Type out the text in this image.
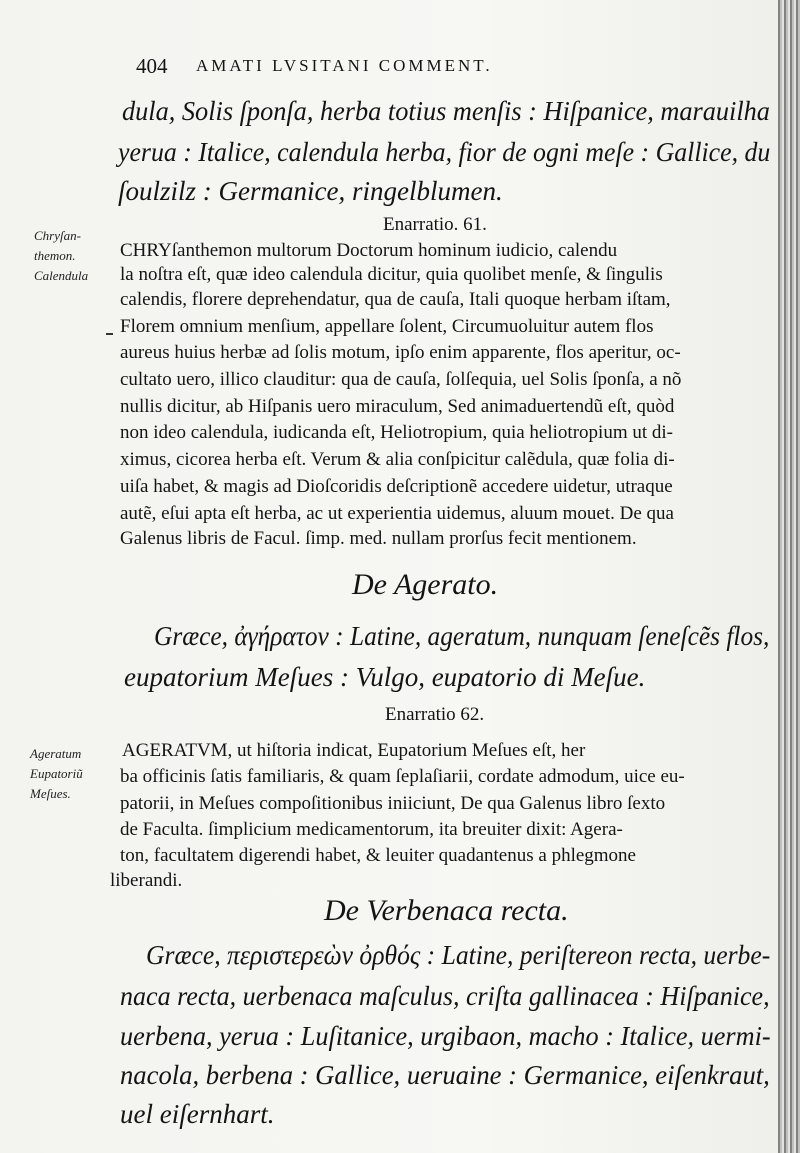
404 AMATI LVSITANI COMMENT.
dula, Solis ſponſa, herba totius menſis : Hiſpanice, marauilha
yerua : Italice, calendula herba, fior de ogni meſe : Gallice, du
ſoulzilz : Germanice, ringelblumen.
Enarratio. 61.
Chryſan-
themon.
Calendula
CHRYſanthemon multorum Doctorum hominum iudicio, calendu
la noſtra eſt, quæ ideo calendula dicitur, quia quolibet menſe, & ſingulis
calendis, florere deprehendatur, qua de cauſa, Itali quoque herbam iſtam,
Florem omnium menſium, appellare ſolent, Circumuoluitur autem flos
aureus huius herbæ ad ſolis motum, ipſo enim apparente, flos aperitur, oc-
cultato uero, illico clauditur: qua de cauſa, ſolſequia, uel Solis ſponſa, a nõ
nullis dicitur, ab Hiſpanis uero miraculum, Sed animaduertendũ eſt, quòd
non ideo calendula, iudicanda eſt, Heliotropium, quia heliotropium ut di-
ximus, cicorea herba eſt. Verum & alia conſpicitur calẽdula, quæ folia di-
uiſa habet, & magis ad Dioſcoridis deſcriptionẽ accedere uidetur, utraque
autẽ, eſui apta eſt herba, ac ut experientia uidemus, aluum mouet. De qua
Galenus libris de Facul. ſimp. med. nullam prorſus fecit mentionem.
De Agerato.
Græce, ἀγήρατον : Latine, ageratum, nunquam ſeneſcẽs flos,
eupatorium Meſues : Vulgo, eupatorio di Meſue.
Enarratio 62.
Ageratum
Eupatoriũ
Meſues.
AGERATVM, ut hiſtoria indicat, Eupatorium Meſues eſt, her
ba officinis ſatis familiaris, & quam ſeplaſiarii, cordate admodum, uice eu-
patorii, in Meſues compoſitionibus iniiciunt, De qua Galenus libro ſexto
de Faculta. ſimplicium medicamentorum, ita breuiter dixit: Agera-
ton, facultatem digerendi habet, & leuiter quadantenus a phlegmone
liberandi.
De Verbenaca recta.
Græce, περιστερεὼν ὀρθός : Latine, periſtereon recta, uerbe-
naca recta, uerbenaca maſculus, criſta gallinacea : Hiſpanice,
uerbena, yerua : Luſitanice, urgibaon, macho : Italice, uermi-
nacola, berbena : Gallice, ueruaine : Germanice, eiſenkraut,
uel eiſernhart.
